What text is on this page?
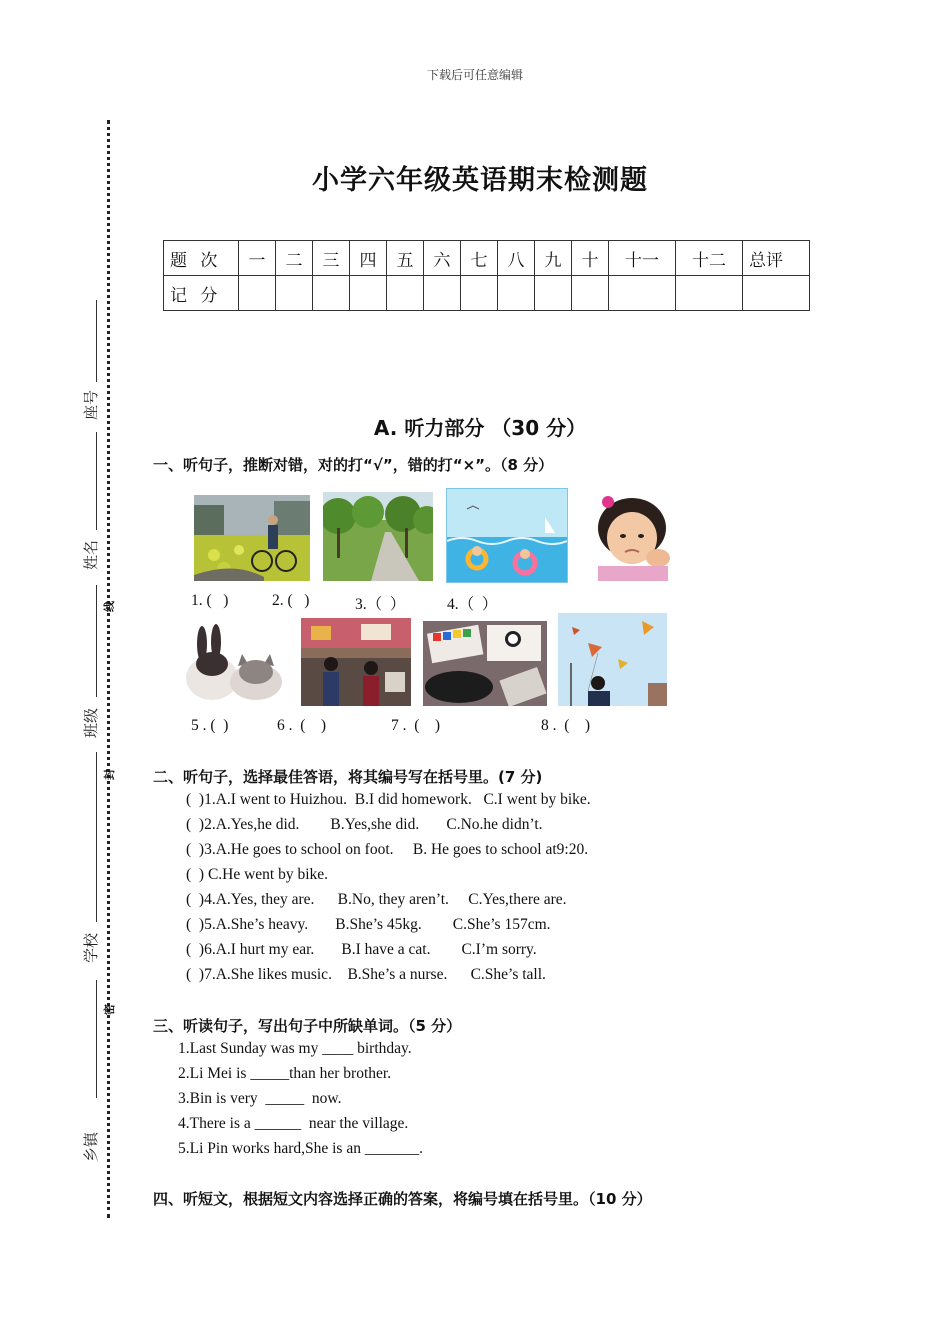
下载后可任意编辑
座号
姓名
班级
学校
乡镇
线
封
密
小学六年级英语期末检测题
题 次	一	二	三	四	五	六	七	八	九	十	十一	十二	总评
记 分													
A. 听力部分 （30 分）
一、听句子，推断对错，对的打“√”，错的打“×”。（8 分）
1. (   )	2. (   )	3.（  ）	4.（  ）
5 . (  )	6 .  (    )	7 .  (    )	8 .  (    )
二、听句子，选择最佳答语，将其编号写在括号里。(7 分)
(  )1.A.I went to Huizhou.  B.I did homework.   C.I went by bike.
(  )2.A.Yes,he did.        B.Yes,she did.       C.No.he didn’t.
(  )3.A.He goes to school on foot.     B. He goes to school at9:20.
(  ) C.He went by bike.
(  )4.A.Yes, they are.      B.No, they aren’t.     C.Yes,there are.
(  )5.A.She’s heavy.       B.She’s 45kg.        C.She’s 157cm.
(  )6.A.I hurt my ear.       B.I have a cat.        C.I’m sorry.
(  )7.A.She likes music.    B.She’s a nurse.      C.She’s tall.
三、听读句子，写出句子中所缺单词。（5 分）
1.Last Sunday was my ____ birthday.
2.Li Mei is _____than her brother.
3.Bin is very  _____  now.
4.There is a ______  near the village.
5.Li Pin works hard,She is an _______.
四、听短文，根据短文内容选择正确的答案，将编号填在括号里。（10 分）
